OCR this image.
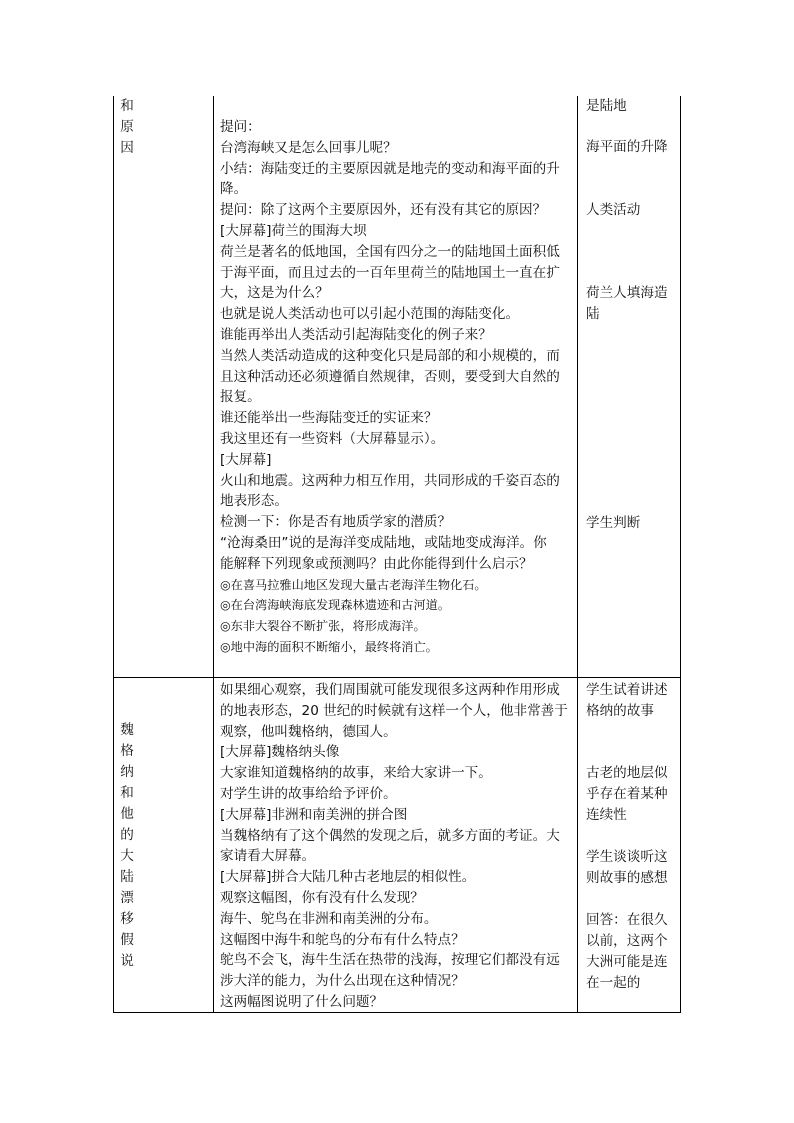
和
原
因
提问：
台湾海峡又是怎么回事儿呢？
小结：海陆变迁的主要原因就是地壳的变动和海平面的升
降。
提问：除了这两个主要原因外，还有没有其它的原因？
[大屏幕]荷兰的围海大坝
荷兰是著名的低地国，全国有四分之一的陆地国土面积低
于海平面，而且过去的一百年里荷兰的陆地国土一直在扩
大，这是为什么？
也就是说人类活动也可以引起小范围的海陆变化。
谁能再举出人类活动引起海陆变化的例子来？
当然人类活动造成的这种变化只是局部的和小规模的，而
且这种活动还必须遵循自然规律，否则，要受到大自然的
报复。
谁还能举出一些海陆变迁的实证来？
我这里还有一些资料（大屏幕显示）。
[大屏幕]
火山和地震。这两种力相互作用，共同形成的千姿百态的
地表形态。
检测一下：你是否有地质学家的潜质？
“沧海桑田”说的是海洋变成陆地，或陆地变成海洋。你
能解释下列现象或预测吗？由此你能得到什么启示？
◎在喜马拉雅山地区发现大量古老海洋生物化石。
◎在台湾海峡海底发现森林遗迹和古河道。
◎东非大裂谷不断扩张，将形成海洋。
◎地中海的面积不断缩小，最终将消亡。
是陆地
海平面的升降
人类活动
荷兰人填海造
陆
学生判断
魏
格
纳
和
他
的
大
陆
漂
移
假
说
如果细心观察，我们周围就可能发现很多这两种作用形成
的地表形态，20 世纪的时候就有这样一个人，他非常善于
观察，他叫魏格纳，德国人。
[大屏幕]魏格纳头像
大家谁知道魏格纳的故事，来给大家讲一下。
对学生讲的故事给给予评价。
[大屏幕]非洲和南美洲的拼合图
当魏格纳有了这个偶然的发现之后，就多方面的考证。大
家请看大屏幕。
[大屏幕]拼合大陆几种古老地层的相似性。
观察这幅图，你有没有什么发现？
海牛、鸵鸟在非洲和南美洲的分布。
这幅图中海牛和鸵鸟的分布有什么特点？
鸵鸟不会飞，海牛生活在热带的浅海，按理它们都没有远
涉大洋的能力，为什么出现在这种情况？
这两幅图说明了什么问题？
学生试着讲述
格纳的故事
古老的地层似
乎存在着某种
连续性
学生谈谈听这
则故事的感想
回答：在很久
以前，这两个
大洲可能是连
在一起的
